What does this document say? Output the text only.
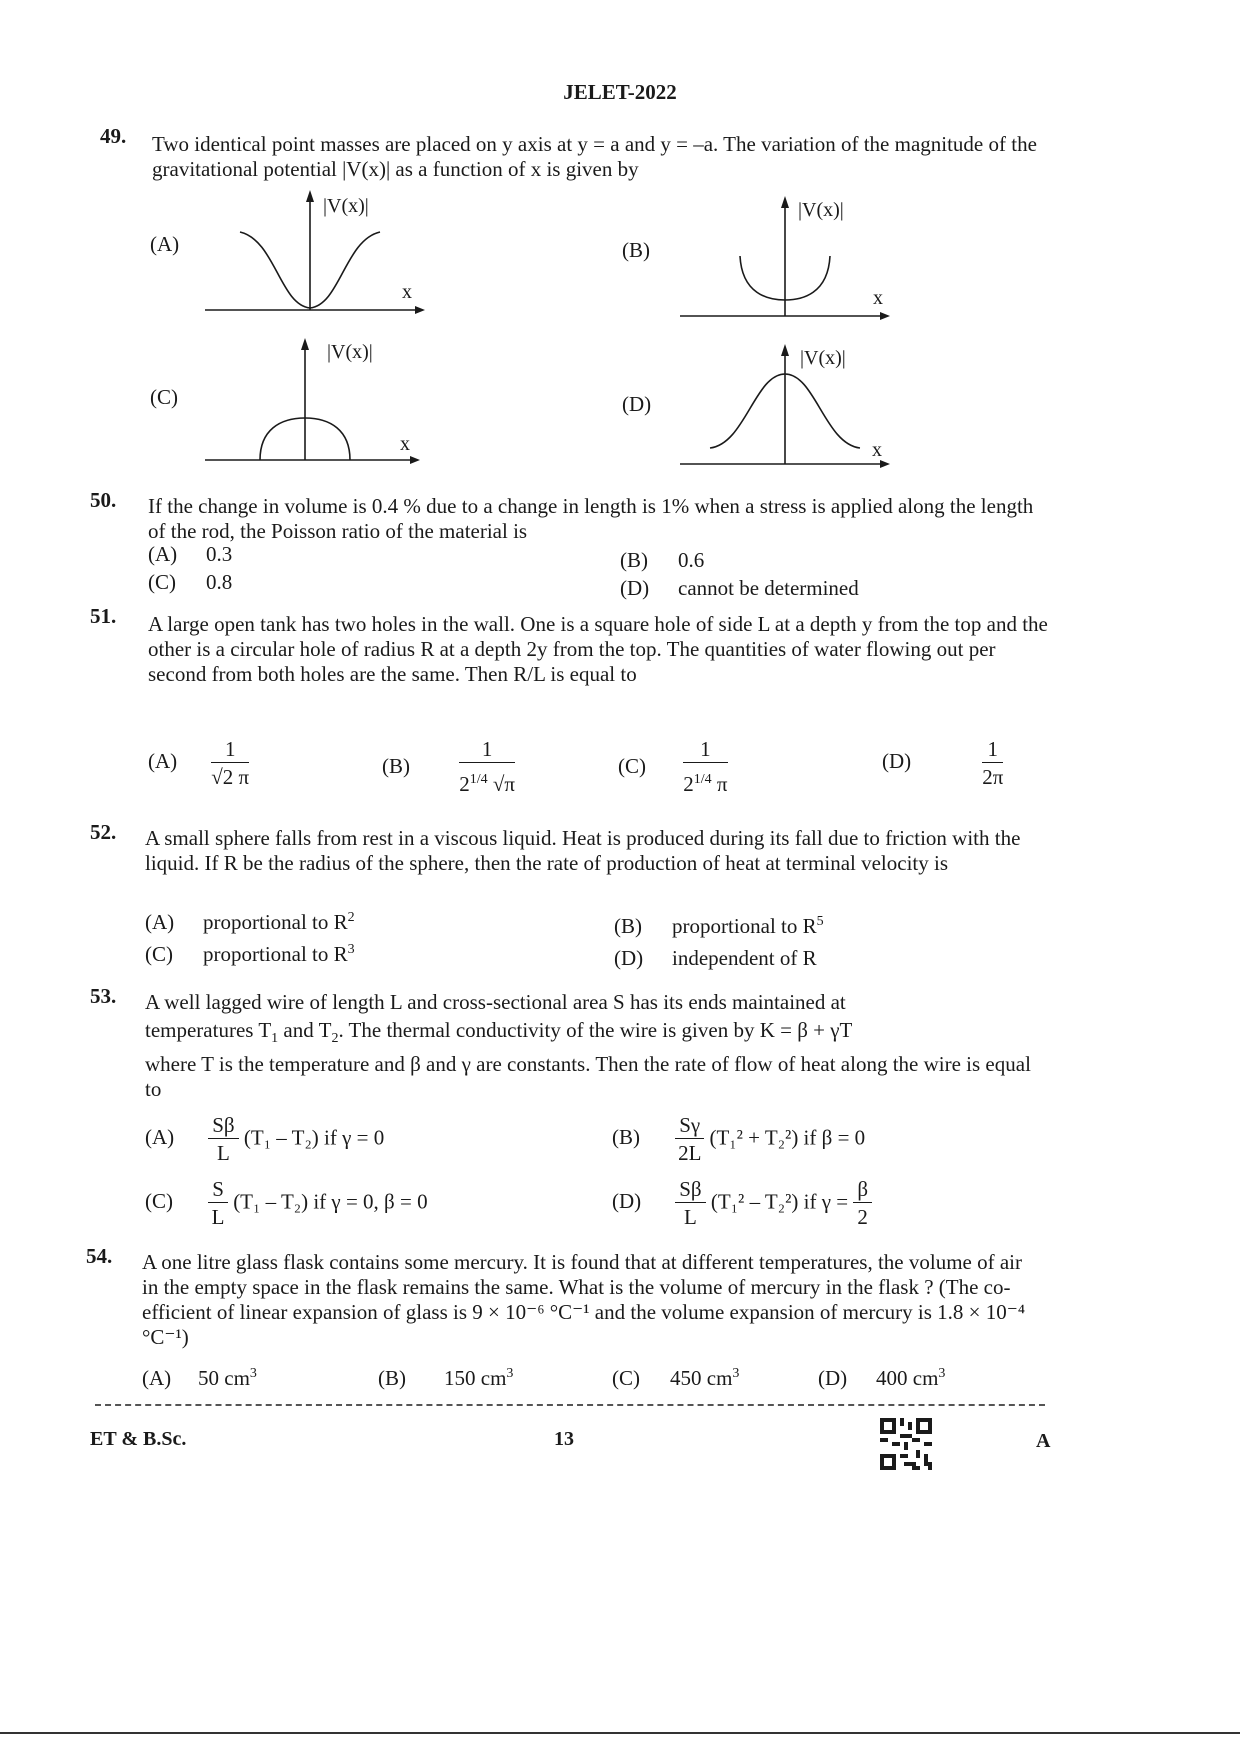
JELET-2022
49. Two identical point masses are placed on y axis at y = a and y = –a. The variation of the magnitude of the gravitational potential |V(x)| as a function of x is given by
(A)
|V(x)|
x
(B)
|V(x)|
x
(C)
|V(x)|
x
(D)
|V(x)|
x
50. If the change in volume is 0.4 % due to a change in length is 1% when a stress is applied along the length of the rod, the Poisson ratio of the material is
(A) 0.3	(B) 0.6
(C) 0.8	(D) cannot be determined
51. A large open tank has two holes in the wall. One is a square hole of side L at a depth y from the top and the other is a circular hole of radius R at a depth 2y from the top. The quantities of water flowing out per second from both holes are the same. Then R/L is equal to
$(A) \frac{1}{√2 \pi}$	$(B) \frac{1}{2^{1/4} √\pi}$	$(C) \frac{1}{2^{1/4} \pi}$	(D)	$\frac{1}{2\pi}$
52. A small sphere falls from rest in a viscous liquid. Heat is produced during its fall due to friction with the liquid. If R be the radius of the sphere, then the rate of production of heat at terminal velocity is
(A) proportional to $R^2$	(B) proportional to $R^5$
(C) proportional to $R^3$	(D) independent of R
53. A well lagged wire of length L and cross-sectional area S has its ends maintained at
temperatures $T_1$ and $T_2$. The thermal conductivity of the wire is given by K = β + γT
where T is the temperature and β and γ are constants. Then the rate of flow of heat along the wire is equal to
$(A) \frac{S\beta}{L} (T_1 - T_2)$ if γ = 0	$(B) \frac{S\gamma}{2L} (T_1^2 + T_2^2)$ if β = 0
$(C) \frac{S}{L} (T_1 - T_2)$ if γ = 0, β = 0	$(D) \frac{S\beta}{L} (T_1^2 - T_2^2)$ if $\gamma = \frac{\beta}{2}$
54. A one litre glass flask contains some mercury. It is found that at different temperatures, the volume of air in the empty space in the flask remains the same. What is the volume of mercury in the flask ? (The co-efficient of linear expansion of glass is 9 × 10⁻⁶ °C⁻¹ and the volume expansion of mercury is 1.8 × 10⁻⁴ °C⁻¹)
(A) 50 $cm^3$	(B) 150 $cm^3$	(C) 450 $cm^3$	(D) 400 $cm^3$
ET & B.Sc.	13	A
